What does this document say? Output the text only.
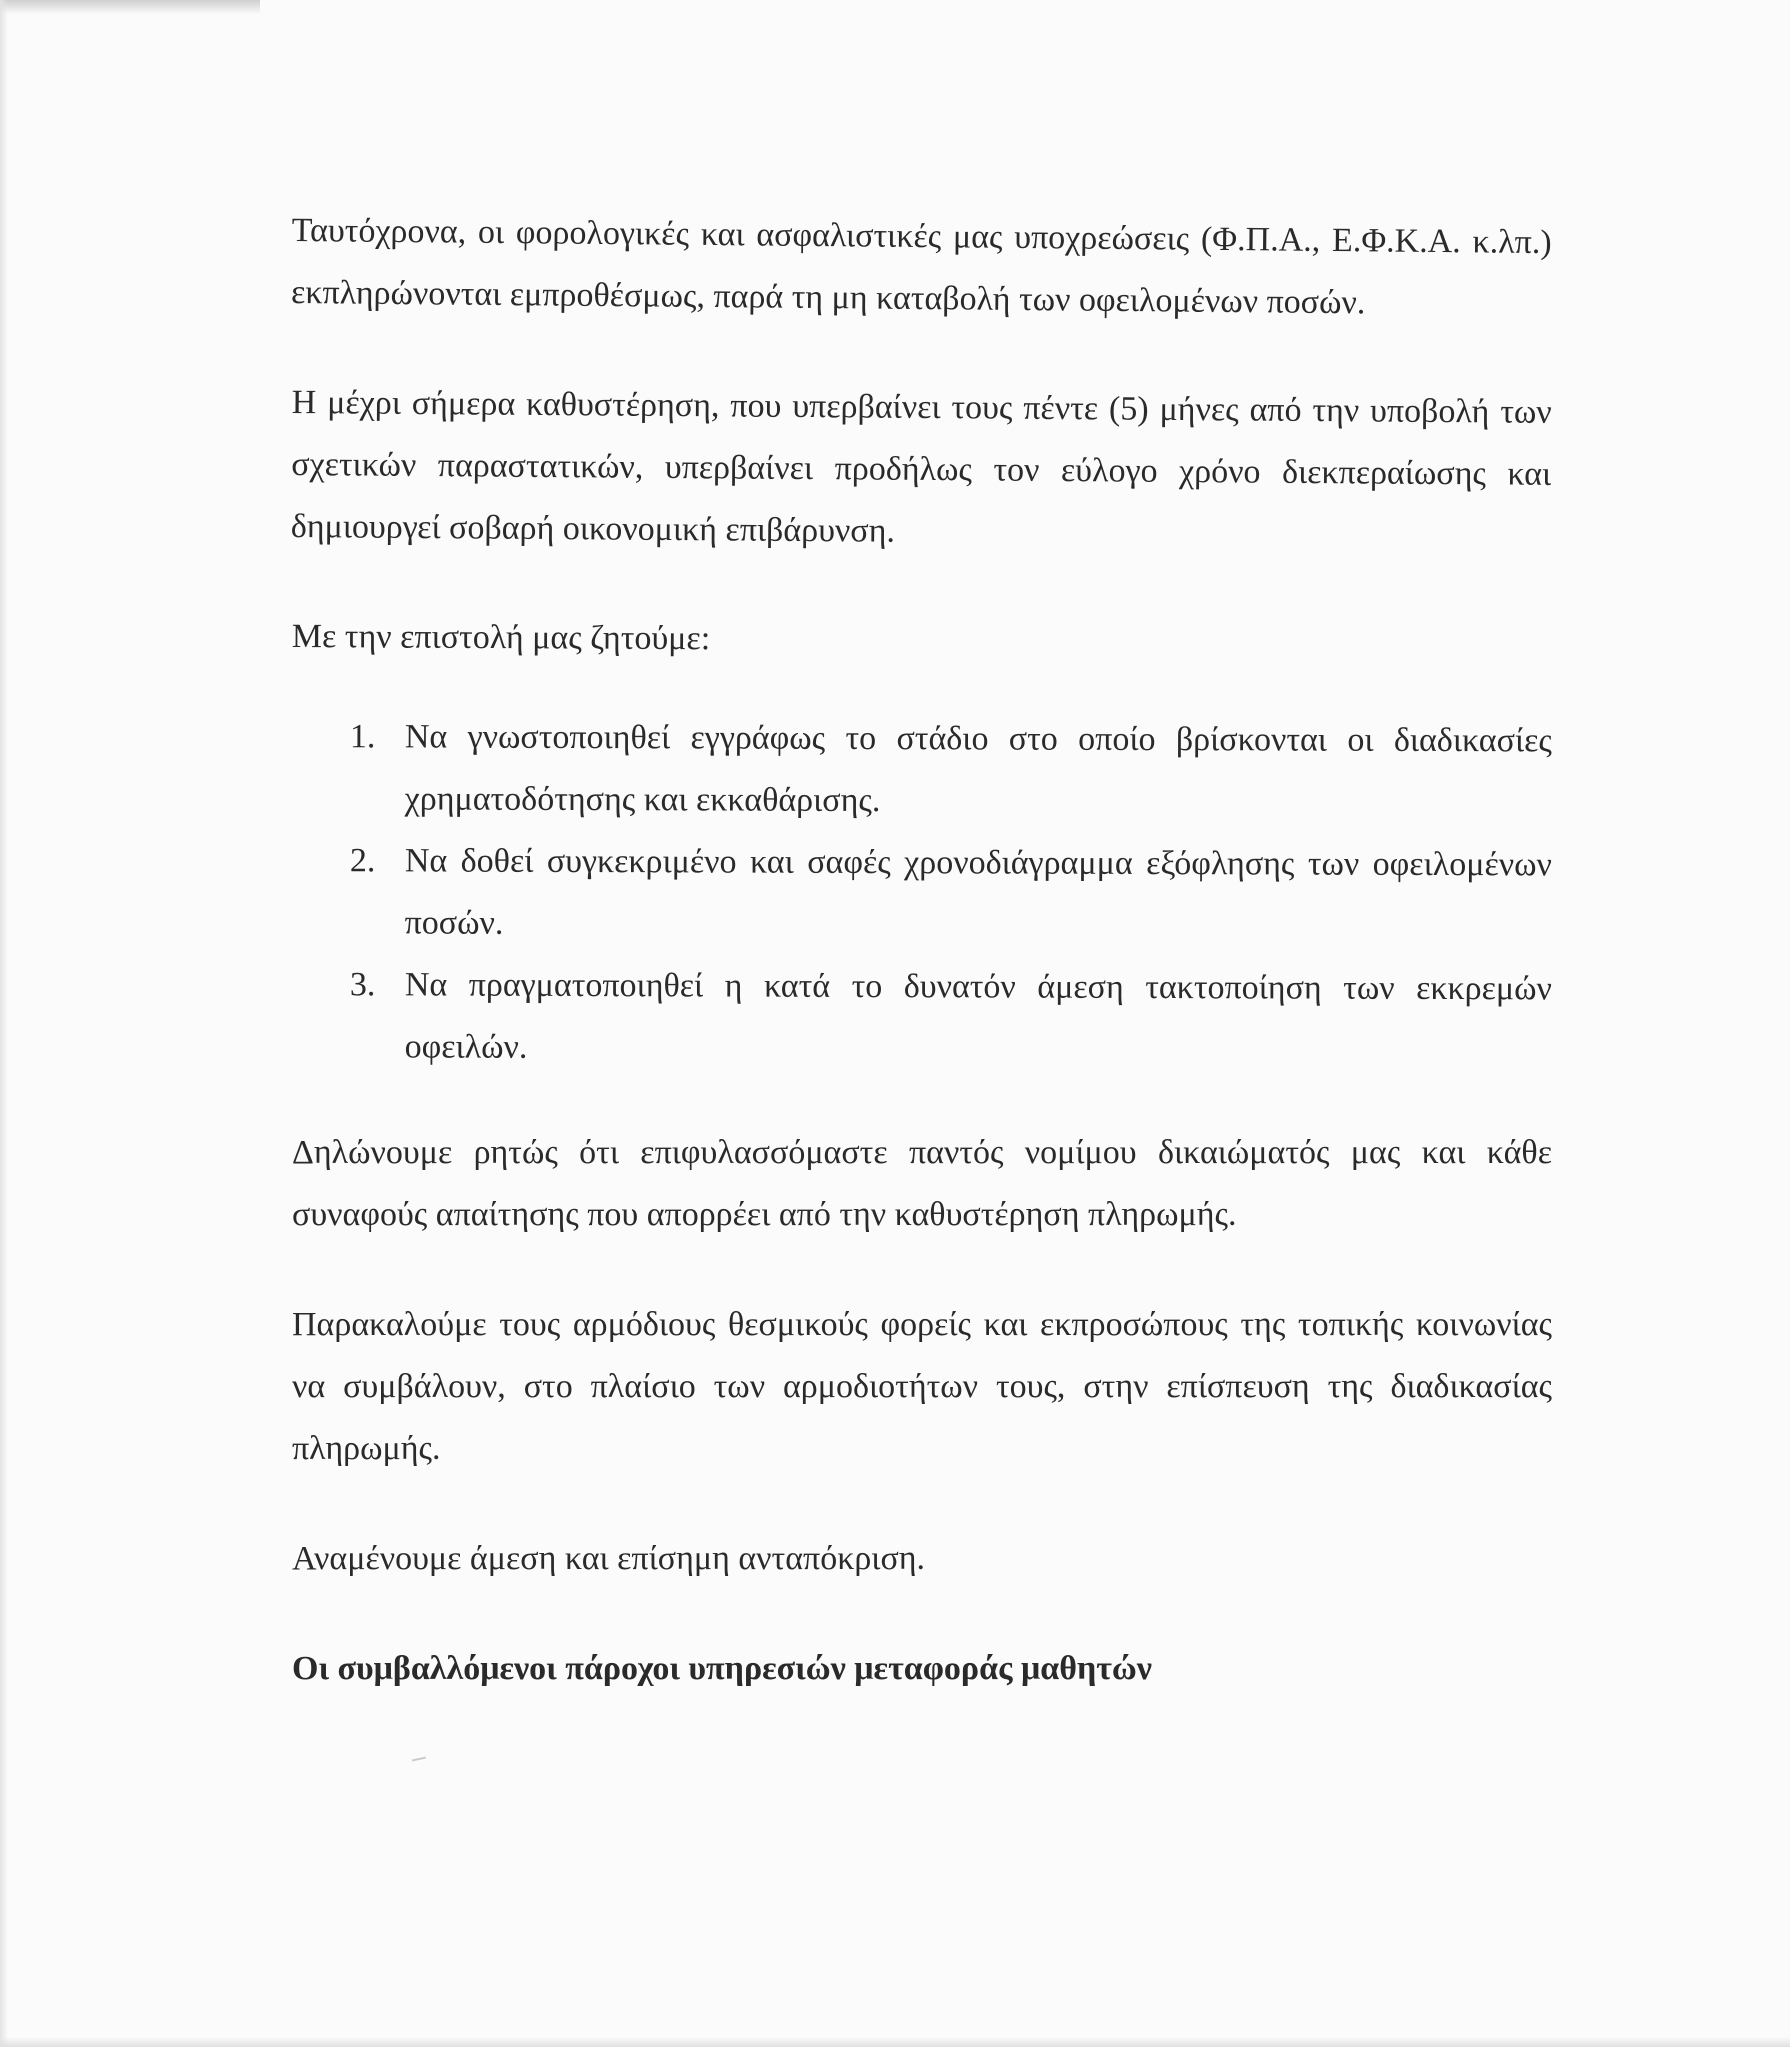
Ταυτόχρονα, οι φορολογικές και ασφαλιστικές μας υποχρεώσεις (Φ.Π.Α., Ε.Φ.Κ.Α. κ.λπ.) εκπληρώνονται εμπροθέσμως, παρά τη μη καταβολή των οφειλομένων ποσών.

Η μέχρι σήμερα καθυστέρηση, που υπερβαίνει τους πέντε (5) μήνες από την υποβολή των σχετικών παραστατικών, υπερβαίνει προδήλως τον εύλογο χρόνο διεκπεραίωσης και δημιουργεί σοβαρή οικονομική επιβάρυνση.

Με την επιστολή μας ζητούμε:

1. Να γνωστοποιηθεί εγγράφως το στάδιο στο οποίο βρίσκονται οι διαδικασίες χρηματοδότησης και εκκαθάρισης.
2. Να δοθεί συγκεκριμένο και σαφές χρονοδιάγραμμα εξόφλησης των οφειλομένων ποσών.
3. Να πραγματοποιηθεί η κατά το δυνατόν άμεση τακτοποίηση των εκκρεμών οφειλών.

Δηλώνουμε ρητώς ότι επιφυλασσόμαστε παντός νομίμου δικαιώματός μας και κάθε συναφούς απαίτησης που απορρέει από την καθυστέρηση πληρωμής.

Παρακαλούμε τους αρμόδιους θεσμικούς φορείς και εκπροσώπους της τοπικής κοινωνίας να συμβάλουν, στο πλαίσιο των αρμοδιοτήτων τους, στην επίσπευση της διαδικασίας πληρωμής.

Αναμένουμε άμεση και επίσημη ανταπόκριση.

Οι συμβαλλόμενοι πάροχοι υπηρεσιών μεταφοράς μαθητών
